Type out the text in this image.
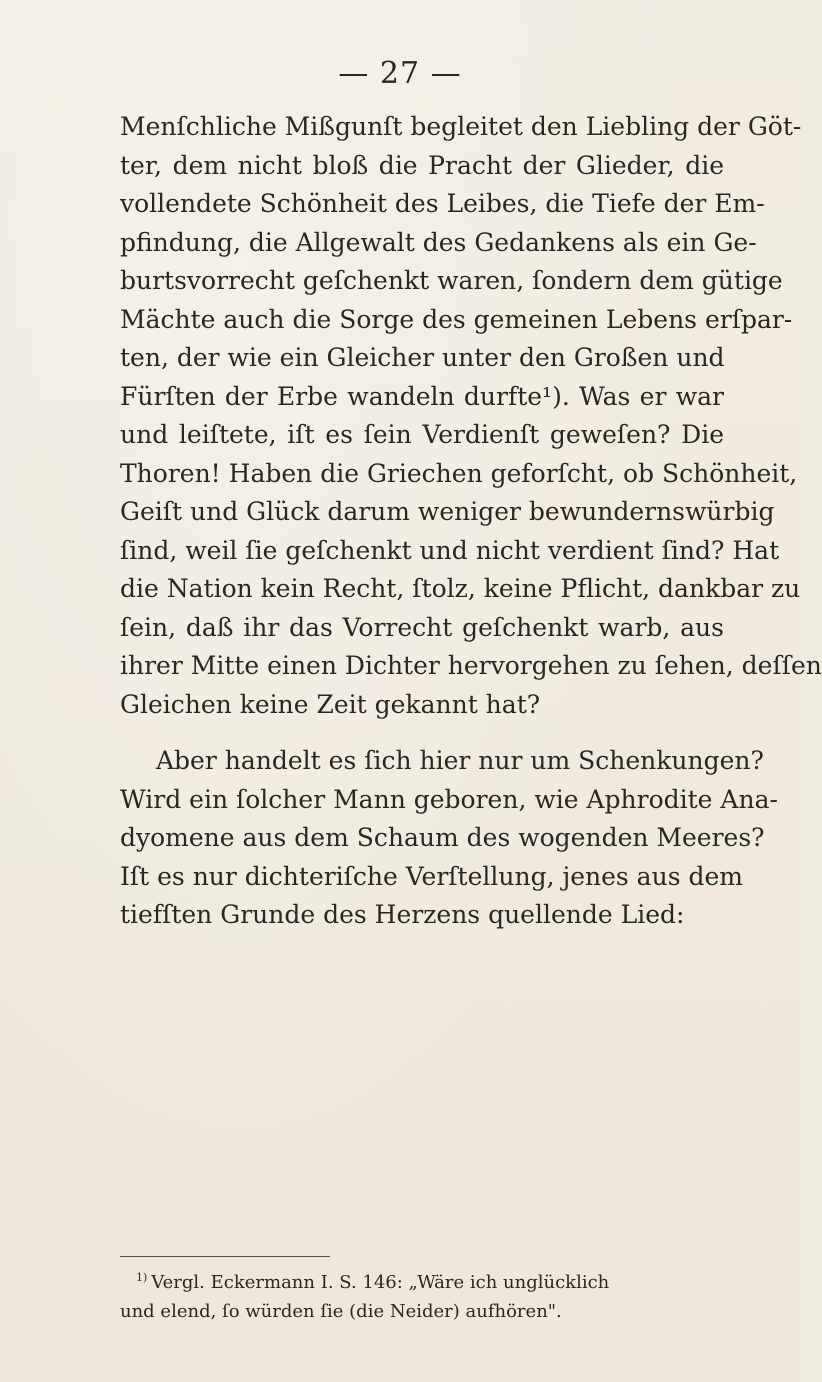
— 27 —
Menſchliche Mißgunſt begleitet den Liebling der Göt-
ter, dem nicht bloß die Pracht der Glieder, die
vollendete Schönheit des Leibes, die Tiefe der Em-
pfindung, die Allgewalt des Gedankens als ein Ge-
burtsvorrecht geſchenkt waren, ſondern dem gütige
Mächte auch die Sorge des gemeinen Lebens erſpar-
ten, der wie ein Gleicher unter den Großen und
Fürſten der Erbe wandeln durfte¹). Was er war
und leiſtete, iſt es ſein Verdienſt geweſen? Die
Thoren! Haben die Griechen geforſcht, ob Schönheit,
Geiſt und Glück darum weniger bewundernswürbig
ſind, weil ſie geſchenkt und nicht verdient ſind? Hat
die Nation kein Recht, ſtolz, keine Pflicht, dankbar zu
ſein, daß ihr das Vorrecht geſchenkt warb, aus
ihrer Mitte einen Dichter hervorgehen zu ſehen, deſſen
Gleichen keine Zeit gekannt hat?
Aber handelt es ſich hier nur um Schenkungen?
Wird ein ſolcher Mann geboren, wie Aphrodite Ana-
dyomene aus dem Schaum des wogenden Meeres?
Iſt es nur dichteriſche Verſtellung, jenes aus dem
tiefſten Grunde des Herzens quellende Lied:
$^{1)}$ Vergl. Eckermann I. S. 146: „Wäre ich unglücklich
und elend, ſo würden ſie (die Neider) aufhören".
